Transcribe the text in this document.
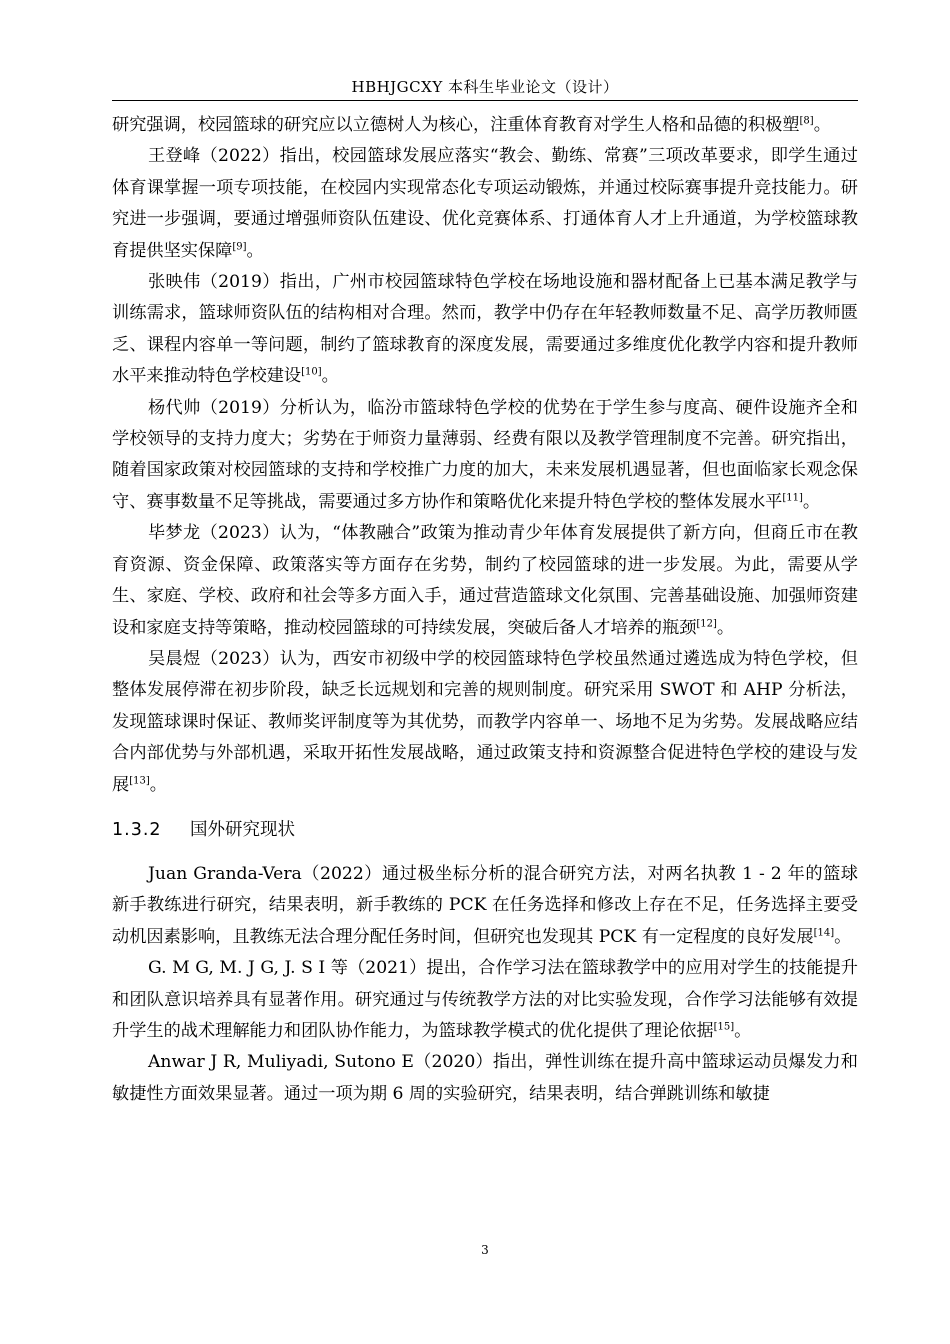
HBHJGCXY 本科生毕业论文（设计）

研究强调，校园篮球的研究应以立德树人为核心，注重体育教育对学生人格和品德的积极塑[8]。

王登峰（2022）指出，校园篮球发展应落实“教会、勤练、常赛”三项改革要求，即学生通过体育课掌握一项专项技能，在校园内实现常态化专项运动锻炼，并通过校际赛事提升竞技能力。研究进一步强调，要通过增强师资队伍建设、优化竞赛体系、打通体育人才上升通道，为学校篮球教育提供坚实保障[9]。

张映伟（2019）指出，广州市校园篮球特色学校在场地设施和器材配备上已基本满足教学与训练需求，篮球师资队伍的结构相对合理。然而，教学中仍存在年轻教师数量不足、高学历教师匮乏、课程内容单一等问题，制约了篮球教育的深度发展，需要通过多维度优化教学内容和提升教师水平来推动特色学校建设[10]。

杨代帅（2019）分析认为，临汾市篮球特色学校的优势在于学生参与度高、硬件设施齐全和学校领导的支持力度大；劣势在于师资力量薄弱、经费有限以及教学管理制度不完善。研究指出，随着国家政策对校园篮球的支持和学校推广力度的加大，未来发展机遇显著，但也面临家长观念保守、赛事数量不足等挑战，需要通过多方协作和策略优化来提升特色学校的整体发展水平[11]。

毕梦龙（2023）认为，“体教融合”政策为推动青少年体育发展提供了新方向，但商丘市在教育资源、资金保障、政策落实等方面存在劣势，制约了校园篮球的进一步发展。为此，需要从学生、家庭、学校、政府和社会等多方面入手，通过营造篮球文化氛围、完善基础设施、加强师资建设和家庭支持等策略，推动校园篮球的可持续发展，突破后备人才培养的瓶颈[12]。

吴晨煜（2023）认为，西安市初级中学的校园篮球特色学校虽然通过遴选成为特色学校，但整体发展停滞在初步阶段，缺乏长远规划和完善的规则制度。研究采用 SWOT 和 AHP 分析法，发现篮球课时保证、教师奖评制度等为其优势，而教学内容单一、场地不足为劣势。发展战略应结合内部优势与外部机遇，采取开拓性发展战略，通过政策支持和资源整合促进特色学校的建设与发展[13]。

1.3.2 国外研究现状

Juan Granda-Vera（2022）通过极坐标分析的混合研究方法，对两名执教 1 - 2 年的篮球新手教练进行研究，结果表明，新手教练的 PCK 在任务选择和修改上存在不足，任务选择主要受动机因素影响，且教练无法合理分配任务时间，但研究也发现其 PCK 有一定程度的良好发展[14]。

G. M G, M. J G, J. S I 等（2021）提出，合作学习法在篮球教学中的应用对学生的技能提升和团队意识培养具有显著作用。研究通过与传统教学方法的对比实验发现，合作学习法能够有效提升学生的战术理解能力和团队协作能力，为篮球教学模式的优化提供了理论依据[15]。

Anwar J R, Muliyadi, Sutono E（2020）指出，弹性训练在提升高中篮球运动员爆发力和敏捷性方面效果显著。通过一项为期 6 周的实验研究，结果表明，结合弹跳训练和敏捷

3
